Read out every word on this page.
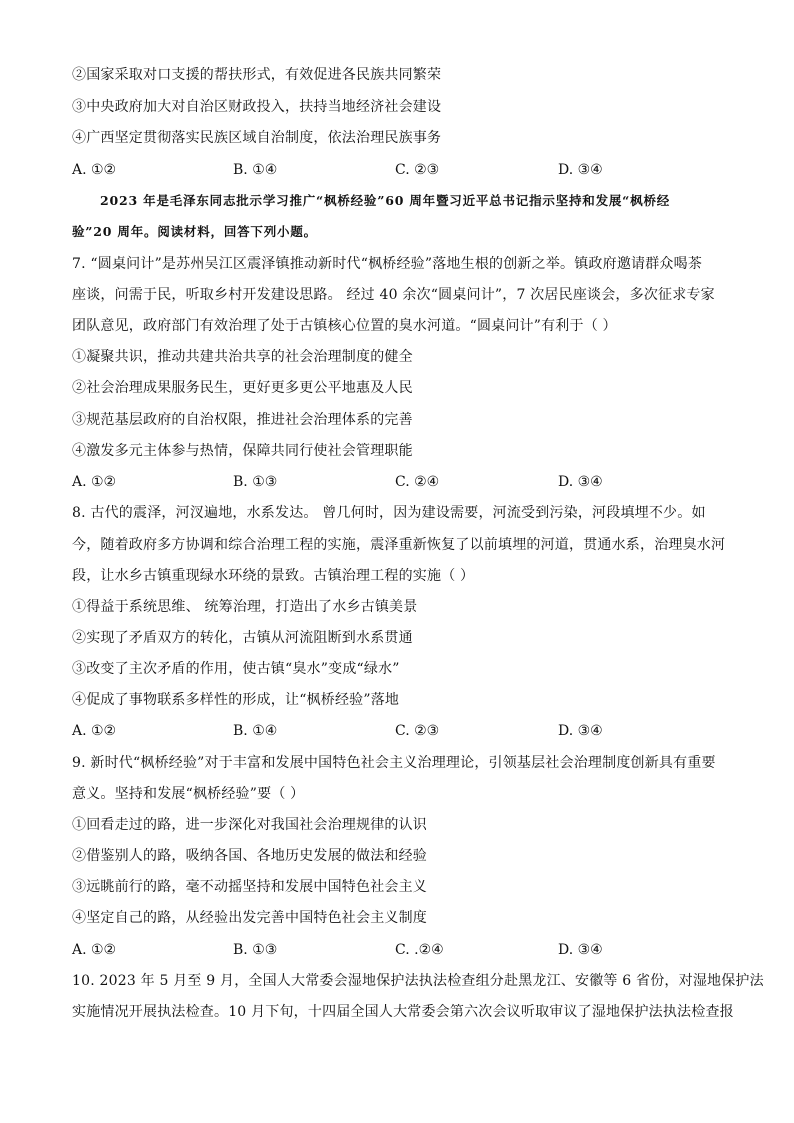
②国家采取对口支援的帮扶形式，有效促进各民族共同繁荣
③中央政府加大对自治区财政投入，扶持当地经济社会建设
④广西坚定贯彻落实民族区域自治制度，依法治理民族事务
A. ①②	B. ①④	C. ②③	D. ③④
2023 年是毛泽东同志批示学习推广“枫桥经验”60 周年暨习近平总书记指示坚持和发展“枫桥经
验”20 周年。阅读材料，回答下列小题。
7. “圆桌问计”是苏州吴江区震泽镇推动新时代“枫桥经验”落地生根的创新之举。镇政府邀请群众喝茶
座谈，问需于民，听取乡村开发建设思路。 经过 40 余次“圆桌问计”，7 次居民座谈会，多次征求专家
团队意见，政府部门有效治理了处于古镇核心位置的臭水河道。“圆桌问计”有利于（ ）
①凝聚共识，推动共建共治共享的社会治理制度的健全
②社会治理成果服务民生，更好更多更公平地惠及人民
③规范基层政府的自治权限，推进社会治理体系的完善
④激发多元主体参与热情，保障共同行使社会管理职能
A. ①②	B. ①③	C. ②④	D. ③④
8. 古代的震泽，河汊遍地，水系发达。 曾几何时，因为建设需要，河流受到污染，河段填埋不少。如
今，随着政府多方协调和综合治理工程的实施，震泽重新恢复了以前填埋的河道，贯通水系，治理臭水河
段，让水乡古镇重现绿水环绕的景致。古镇治理工程的实施（ ）
①得益于系统思维、 统筹治理，打造出了水乡古镇美景
②实现了矛盾双方的转化，古镇从河流阻断到水系贯通
③改变了主次矛盾的作用，使古镇“臭水”变成“绿水”
④促成了事物联系多样性的形成，让“枫桥经验”落地
A. ①②	B. ①④	C. ②③	D. ③④
9. 新时代“枫桥经验”对于丰富和发展中国特色社会主义治理理论，引领基层社会治理制度创新具有重要
意义。坚持和发展“枫桥经验”要（ ）
①回看走过的路，进一步深化对我国社会治理规律的认识
②借鉴别人的路，吸纳各国、各地历史发展的做法和经验
③远眺前行的路，毫不动摇坚持和发展中国特色社会主义
④坚定自己的路，从经验出发完善中国特色社会主义制度
A. ①②	B. ①③	C. .②④	D. ③④
10. 2023 年 5 月至 9 月，全国人大常委会湿地保护法执法检查组分赴黑龙江、安徽等 6 省份，对湿地保护法
实施情况开展执法检查。10 月下旬，十四届全国人大常委会第六次会议听取审议了湿地保护法执法检查报
